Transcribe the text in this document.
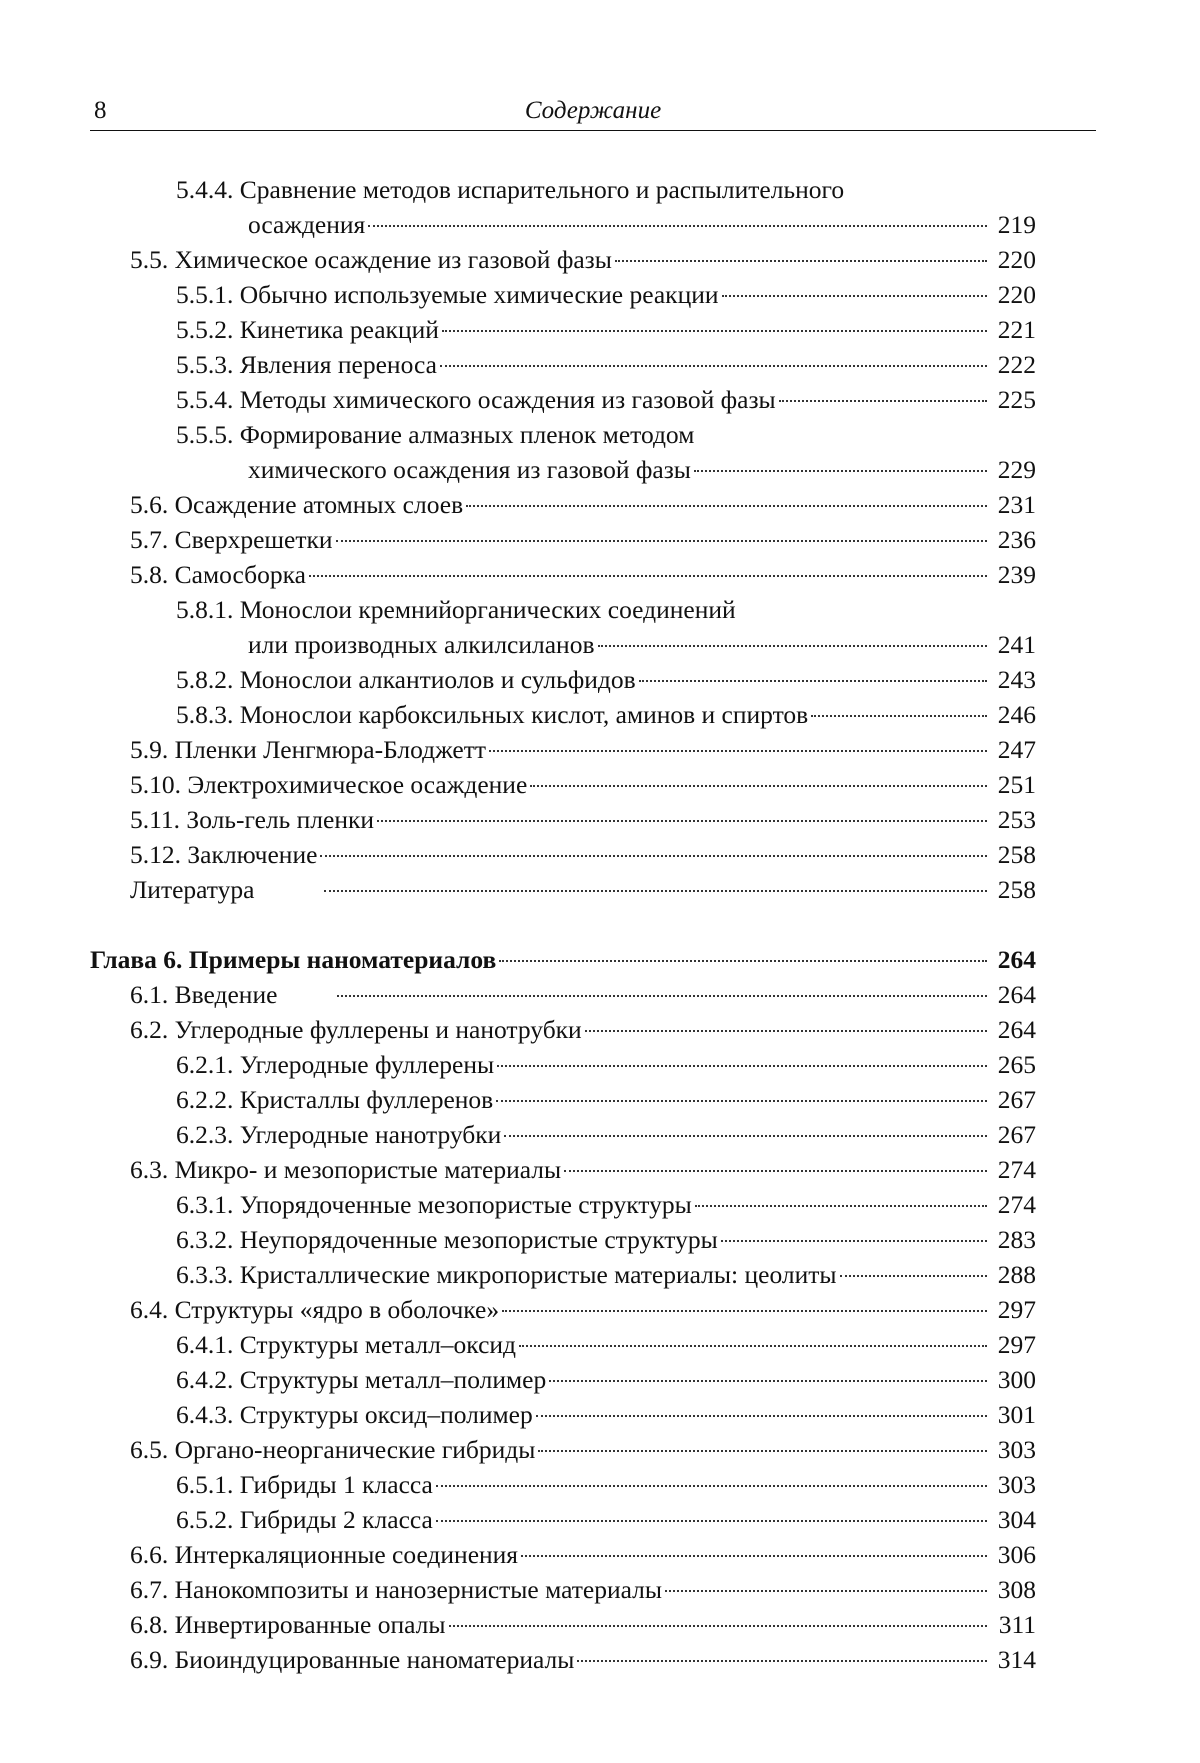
8	Содержание
5.4.4. Сравнение методов испарительного и распылительного
осаждения	219
5.5. Химическое осаждение из газовой фазы	220
5.5.1. Обычно используемые химические реакции	220
5.5.2. Кинетика реакций	221
5.5.3. Явления переноса	222
5.5.4. Методы химического осаждения из газовой фазы	225
5.5.5. Формирование алмазных пленок методом
химического осаждения из газовой фазы	229
5.6. Осаждение атомных слоев	231
5.7. Сверхрешетки	236
5.8. Самосборка	239
5.8.1. Монослои кремнийорганических соединений
или производных алкилсиланов	241
5.8.2. Монослои алкантиолов и сульфидов	243
5.8.3. Монослои карбоксильных кислот, аминов и спиртов	246
5.9. Пленки Ленгмюра-Блоджетт	247
5.10. Электрохимическое осаждение	251
5.11. Золь-гель пленки	253
5.12. Заключение	258
Литература	258
Глава 6. Примеры наноматериалов	264
6.1. Введение	264
6.2. Углеродные фуллерены и нанотрубки	264
6.2.1. Углеродные фуллерены	265
6.2.2. Кристаллы фуллеренов	267
6.2.3. Углеродные нанотрубки	267
6.3. Микро- и мезопористые материалы	274
6.3.1. Упорядоченные мезопористые структуры	274
6.3.2. Неупорядоченные мезопористые структуры	283
6.3.3. Кристаллические микропористые материалы: цеолиты	288
6.4. Структуры «ядро в оболочке»	297
6.4.1. Структуры металл–оксид	297
6.4.2. Структуры металл–полимер	300
6.4.3. Структуры оксид–полимер	301
6.5. Органо-неорганические гибриды	303
6.5.1. Гибриды 1 класса	303
6.5.2. Гибриды 2 класса	304
6.6. Интеркаляционные соединения	306
6.7. Нанокомпозиты и нанозернистые материалы	308
6.8. Инвертированные опалы	311
6.9. Биоиндуцированные наноматериалы	314
